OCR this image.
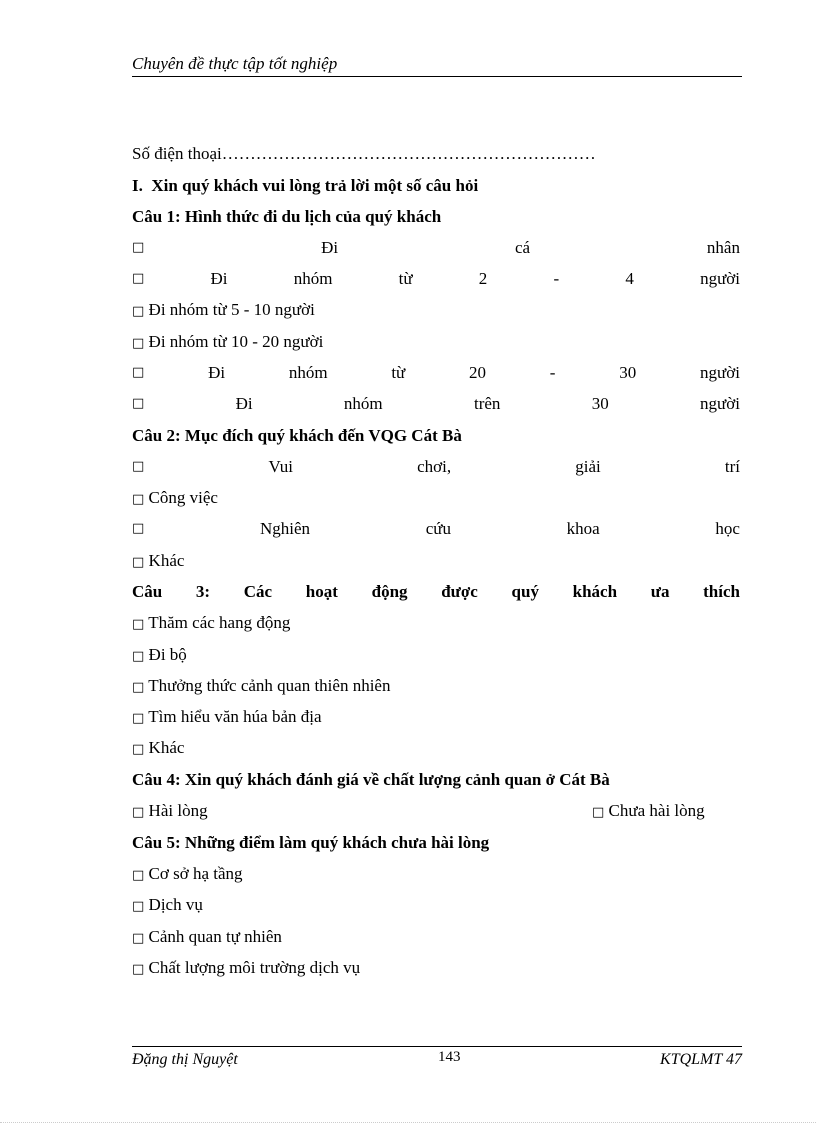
Chuyên đề thực tập tốt nghiệp
Số điện thoại…………………………………………………………
I. Xin quý khách vui lòng trả lời một số câu hỏi
Câu 1: Hình thức đi du lịch của quý khách
□	Đi	cá	nhân
□	Đi	nhóm	từ	2	-	4	người
□ Đi nhóm từ 5 - 10 người
□ Đi nhóm từ 10 - 20 người
□	Đi	nhóm	từ	20	-	30	người
□	Đi	nhóm	trên	30	người
Câu 2: Mục đích quý khách đến VQG Cát Bà
□	Vui	chơi,	giải	trí
□ Công việc
□	Nghiên	cứu	khoa	học
□ Khác
Câu 3: Các hoạt động được quý khách ưa thích
□ Thăm các hang động
□ Đi bộ
□ Thưởng thức cảnh quan thiên nhiên
□ Tìm hiểu văn húa bản địa
□ Khác
Câu 4: Xin quý khách đánh giá về chất lượng cảnh quan ở Cát Bà
□ Hài lòng	□ Chưa hài lòng
Câu 5: Những điểm làm quý khách chưa hài lòng
□ Cơ sở hạ tầng
□ Dịch vụ
□ Cảnh quan tự nhiên
□ Chất lượng môi trường dịch vụ
Đặng thị Nguyệt	143	KTQLMT 47
